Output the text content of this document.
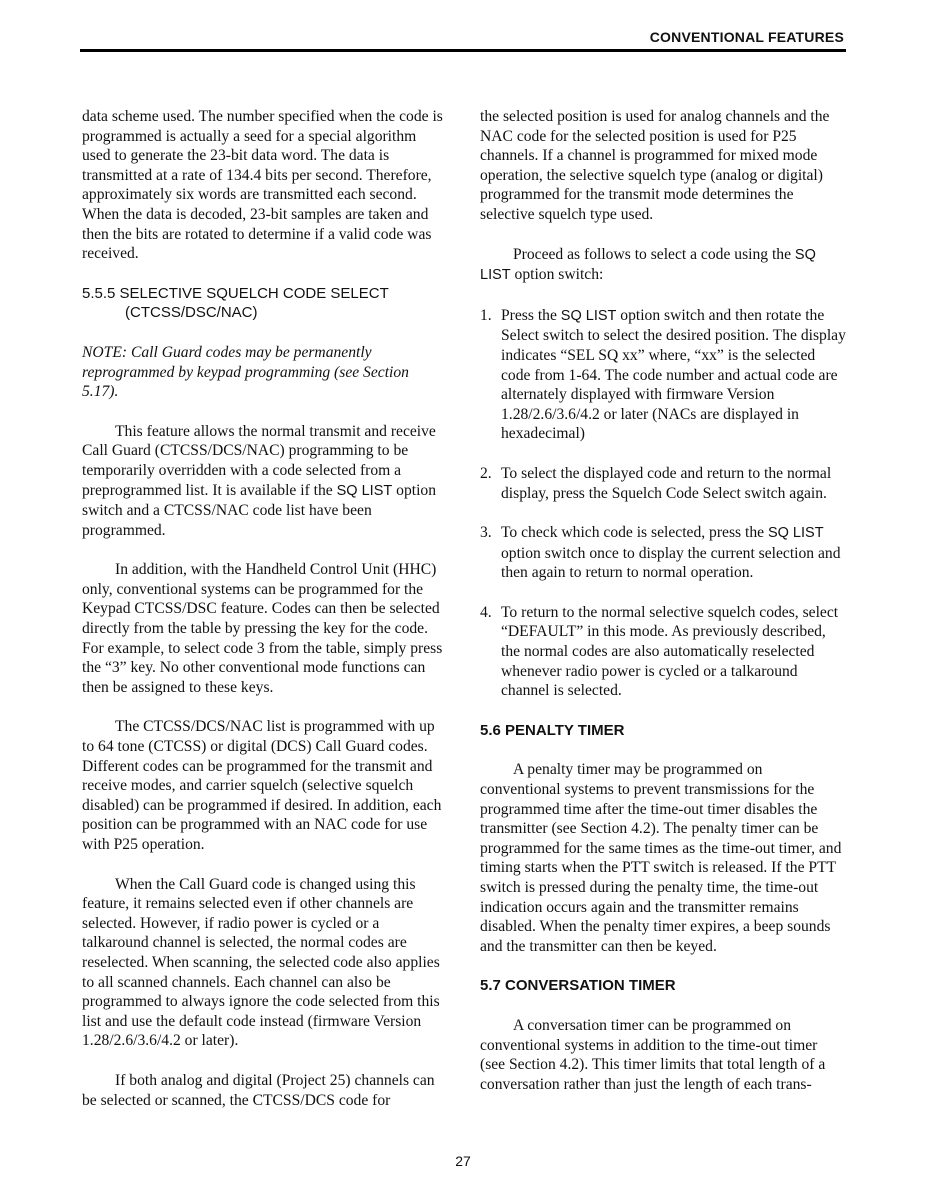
CONVENTIONAL FEATURES

data scheme used. The number specified when the code is programmed is actually a seed for a special algorithm used to generate the 23-bit data word. The data is transmitted at a rate of 134.4 bits per second. Therefore, approximately six words are transmitted each second. When the data is decoded, 23-bit samples are taken and then the bits are rotated to determine if a valid code was received.

5.5.5 SELECTIVE SQUELCH CODE SELECT (CTCSS/DSC/NAC)

NOTE: Call Guard codes may be permanently reprogrammed by keypad programming (see Section 5.17).

This feature allows the normal transmit and receive Call Guard (CTCSS/DCS/NAC) programming to be temporarily overridden with a code selected from a preprogrammed list. It is available if the SQ LIST option switch and a CTCSS/NAC code list have been programmed.

In addition, with the Handheld Control Unit (HHC) only, conventional systems can be programmed for the Keypad CTCSS/DSC feature. Codes can then be selected directly from the table by pressing the key for the code. For example, to select code 3 from the table, simply press the “3” key. No other conventional mode functions can then be assigned to these keys.

The CTCSS/DCS/NAC list is programmed with up to 64 tone (CTCSS) or digital (DCS) Call Guard codes. Different codes can be programmed for the transmit and receive modes, and carrier squelch (selective squelch disabled) can be programmed if desired. In addition, each position can be programmed with an NAC code for use with P25 operation.

When the Call Guard code is changed using this feature, it remains selected even if other channels are selected. However, if radio power is cycled or a talkaround channel is selected, the normal codes are reselected. When scanning, the selected code also applies to all scanned channels. Each channel can also be programmed to always ignore the code selected from this list and use the default code instead (firmware Version 1.28/2.6/3.6/4.2 or later).

If both analog and digital (Project 25) channels can be selected or scanned, the CTCSS/DCS code for

the selected position is used for analog channels and the NAC code for the selected position is used for P25 channels. If a channel is programmed for mixed mode operation, the selective squelch type (analog or digital) programmed for the transmit mode determines the selective squelch type used.

Proceed as follows to select a code using the SQ LIST option switch:

1. Press the SQ LIST option switch and then rotate the Select switch to select the desired position. The display indicates “SEL SQ xx” where, “xx” is the selected code from 1-64. The code number and actual code are alternately displayed with firmware Version 1.28/2.6/3.6/4.2 or later (NACs are displayed in hexadecimal)
2. To select the displayed code and return to the normal display, press the Squelch Code Select switch again.
3. To check which code is selected, press the SQ LIST option switch once to display the current selection and then again to return to normal operation.
4. To return to the normal selective squelch codes, select “DEFAULT” in this mode. As previously described, the normal codes are also automatically reselected whenever radio power is cycled or a talkaround channel is selected.
5.6 PENALTY TIMER

A penalty timer may be programmed on conventional systems to prevent transmissions for the programmed time after the time-out timer disables the transmitter (see Section 4.2). The penalty timer can be programmed for the same times as the time-out timer, and timing starts when the PTT switch is released. If the PTT switch is pressed during the penalty time, the time-out indication occurs again and the transmitter remains disabled. When the penalty timer expires, a beep sounds and the transmitter can then be keyed.

5.7 CONVERSATION TIMER

A conversation timer can be programmed on conventional systems in addition to the time-out timer (see Section 4.2). This timer limits that total length of a conversation rather than just the length of each trans-

27
